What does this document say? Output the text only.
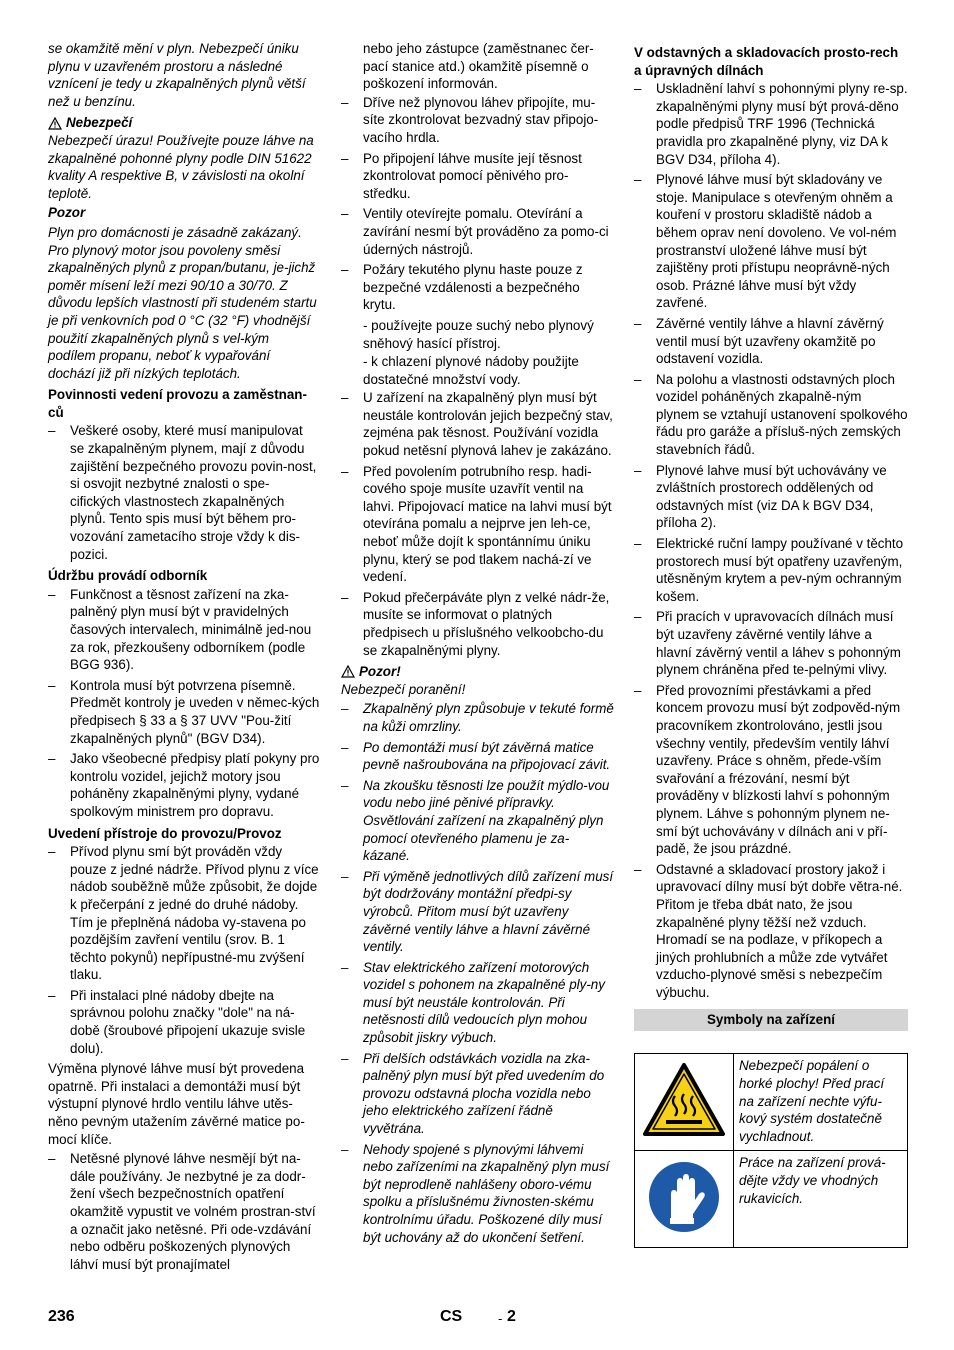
se okamžitě mění v plyn. Nebezpečí úniku plynu v uzavřeném prostoru a následné vznícení je tedy u zkapalněných plynů větší než u benzínu.

Nebezpečí

Nebezpečí úrazu! Používejte pouze láhve na zkapalněné pohonné plyny podle DIN 51622 kvality A respektive B, v závislosti na okolní teplotě.

Pozor

Plyn pro domácnosti je zásadně zakázaný. Pro plynový motor jsou povoleny směsi zkapalněných plynů z propan/butanu, je-jichž poměr mísení leží mezi 90/10 a 30/70. Z důvodu lepších vlastností při studeném startu je při venkovních pod 0 °C (32 °F) vhodnější použití zkapalněných plynů s vel-kým podílem propanu, neboť k vypařování dochází již při nízkých teplotách.

Povinnosti vedení provozu a zaměstnan-ců

– Veškeré osoby, které musí manipulovat se zkapalněným plynem, mají z důvodu zajištění bezpečného provozu povin-nost, si osvojit nezbytné znalosti o spe-cifických vlastnostech zkapalněných plynů. Tento spis musí být během pro-vozování zametacího stroje vždy k dis-pozici.

Údržbu provádí odborník

– Funkčnost a těsnost zařízení na zka-palněný plyn musí být v pravidelných časových intervalech, minimálně jed-nou za rok, přezkoušeny odborníkem (podle BGG 936).
– Kontrola musí být potvrzena písemně. Předmět kontroly je uveden v němec-kých předpisech § 33 a § 37 UVV "Pou-žití zkapalněných plynů" (BGV D34).
– Jako všeobecné předpisy platí pokyny pro kontrolu vozidel, jejichž motory jsou poháněny zkapalněnými plyny, vydané spolkovým ministrem pro dopravu.

Uvedení přístroje do provozu/Provoz

– Přívod plynu smí být prováděn vždy pouze z jedné nádrže. Přívod plynu z více nádob souběžně může způsobit, že dojde k přečerpání z jedné do druhé nádoby. Tím je přeplněná nádoba vy-stavena po pozdějším zavření ventilu (srov. B. 1 těchto pokynů) nepřípustné-mu zvýšení tlaku.
– Při instalaci plné nádoby dbejte na správnou polohu značky "dole" na ná-době (šroubové připojení ukazuje svisle dolu).

Výměna plynové láhve musí být provedena opatrně. Při instalaci a demontáži musí být výstupní plynové hrdlo ventilu láhve utěs-něno pevným utažením závěrné matice po-mocí klíče.

– Netěsné plynové láhve nesmějí být na-dále používány. Je nezbytné je za dodr-žení všech bezpečnostních opatření okamžitě vypustit ve volném prostran-ství a označit jako netěsné. Při ode-vzdávání nebo odběru poškozených plynových láhví musí být pronajímatel

nebo jeho zástupce (zaměstnanec čer-pací stanice atd.) okamžitě písemně o poškození informován.

– Dříve než plynovou láhev připojíte, mu-síte zkontrolovat bezvadný stav připojo-vacího hrdla.
– Po připojení láhve musíte její těsnost zkontrolovat pomocí pěnivého pro-středku.
– Ventily otevírejte pomalu. Otevírání a zavírání nesmí být prováděno za pomo-ci úderných nástrojů.
– Požáry tekutého plynu haste pouze z bezpečné vzdálenosti a bezpečného krytu.

- používejte pouze suchý nebo plynový sněhový hasící přístroj.

- k chlazení plynové nádoby použijte dostatečné množství vody.

– U zařízení na zkapalněný plyn musí být neustále kontrolován jejich bezpečný stav, zejména pak těsnost. Používání vozidla pokud netěsní plynová lahev je zakázáno.
– Před povolením potrubního resp. hadi-cového spoje musíte uzavřít ventil na lahvi. Připojovací matice na lahvi musí být otevírána pomalu a nejprve jen leh-ce, neboť může dojít k spontánnímu úniku plynu, který se pod tlakem nachá-zí ve vedení.
– Pokud přečerpáváte plyn z velké nádr-že, musíte se informovat o platných předpisech u příslušného velkoobcho-du se zkapalněnými plyny.
Pozor!

Nebezpečí poranění!

– Zkapalněný plyn způsobuje v tekuté formě na kůži omrzliny.
– Po demontáži musí být závěrná matice pevně našroubována na připojovací závit.
– Na zkoušku těsnosti lze použít mýdlo-vou vodu nebo jiné pěnivé přípravky. Osvětlování zařízení na zkapalněný plyn pomocí otevřeného plamenu je za-kázané.
– Při výměně jednotlivých dílů zařízení musí být dodržovány montážní předpi-sy výrobců. Přitom musí být uzavřeny závěrné ventily láhve a hlavní závěrné ventily.
– Stav elektrického zařízení motorových vozidel s pohonem na zkapalněné ply-ny musí být neustále kontrolován. Při netěsnosti dílů vedoucích plyn mohou způsobit jiskry výbuch.
– Při delších odstávkách vozidla na zka-palněný plyn musí být před uvedením do provozu odstavná plocha vozidla nebo jeho elektrického zařízení řádně vyvětrána.
– Nehody spojené s plynovými láhvemi nebo zařízeními na zkapalněný plyn musí být neprodleně nahlášeny oboro-vému spolku a příslušnému živnosten-skému kontrolnímu úřadu. Poškozené díly musí být uchovány až do ukončení šetření.

V odstavných a skladovacích prosto-rech a úpravných dílnách

– Uskladnění lahví s pohonnými plyny re-sp. zkapalněnými plyny musí být prová-děno podle předpisů TRF 1996 (Technická pravidla pro zkapalněné plyny, viz DA k BGV D34, příloha 4).
– Plynové láhve musí být skladovány ve stoje. Manipulace s otevřeným ohněm a kouření v prostoru skladiště nádob a během oprav není dovoleno. Ve vol-ném prostranství uložené láhve musí být zajištěny proti přístupu neoprávně-ných osob. Prázné láhve musí být vždy zavřené.
– Závěrné ventily láhve a hlavní závěrný ventil musí být uzavřeny okamžitě po odstavení vozidla.
– Na polohu a vlastnosti odstavných ploch vozidel poháněných zkapalně-ným plynem se vztahují ustanovení spolkového řádu pro garáže a přísluš-ných zemských stavebních řádů.
– Plynové lahve musí být uchovávány ve zvláštních prostorech oddělených od odstavných míst (viz DA k BGV D34, příloha 2).
– Elektrické ruční lampy používané v těchto prostorech musí být opatřeny uzavřeným, utěsněným krytem a pev-ným ochranným košem.
– Při pracích v upravovacích dílnách musí být uzavřeny závěrné ventily láhve a hlavní závěrný ventil a láhev s pohonným plynem chráněna před te-pelnými vlivy.
– Před provozními přestávkami a před koncem provozu musí být zodpověd-ným pracovníkem zkontrolováno, jestli jsou všechny ventily, především ventily láhví uzavřeny. Práce s ohněm, přede-vším svařování a frézování, nesmí být prováděny v blízkosti lahví s pohonným plynem. Láhve s pohonným plynem ne-smí být uchovávány v dílnách ani v pří-padě, že jsou prázdné.
– Odstavné a skladovací prostory jakož i upravovací dílny musí být dobře větra-né. Přitom je třeba dbát nato, že jsou zkapalněné plyny těžší než vzduch. Hromadí se na podlaze, v příkopech a jiných prohlubních a může zde vytvářet vzducho-plynové směsi s nebezpečím výbuchu.
Symboly na zařízení
	Nebezpečí popálení o horké plochy! Před prací na zařízení nechte výfu-kový systém dostatečně vychladnout.
	Práce na zařízení prová-dějte vždy ve vhodných rukavicích.
236	CS	- 2
